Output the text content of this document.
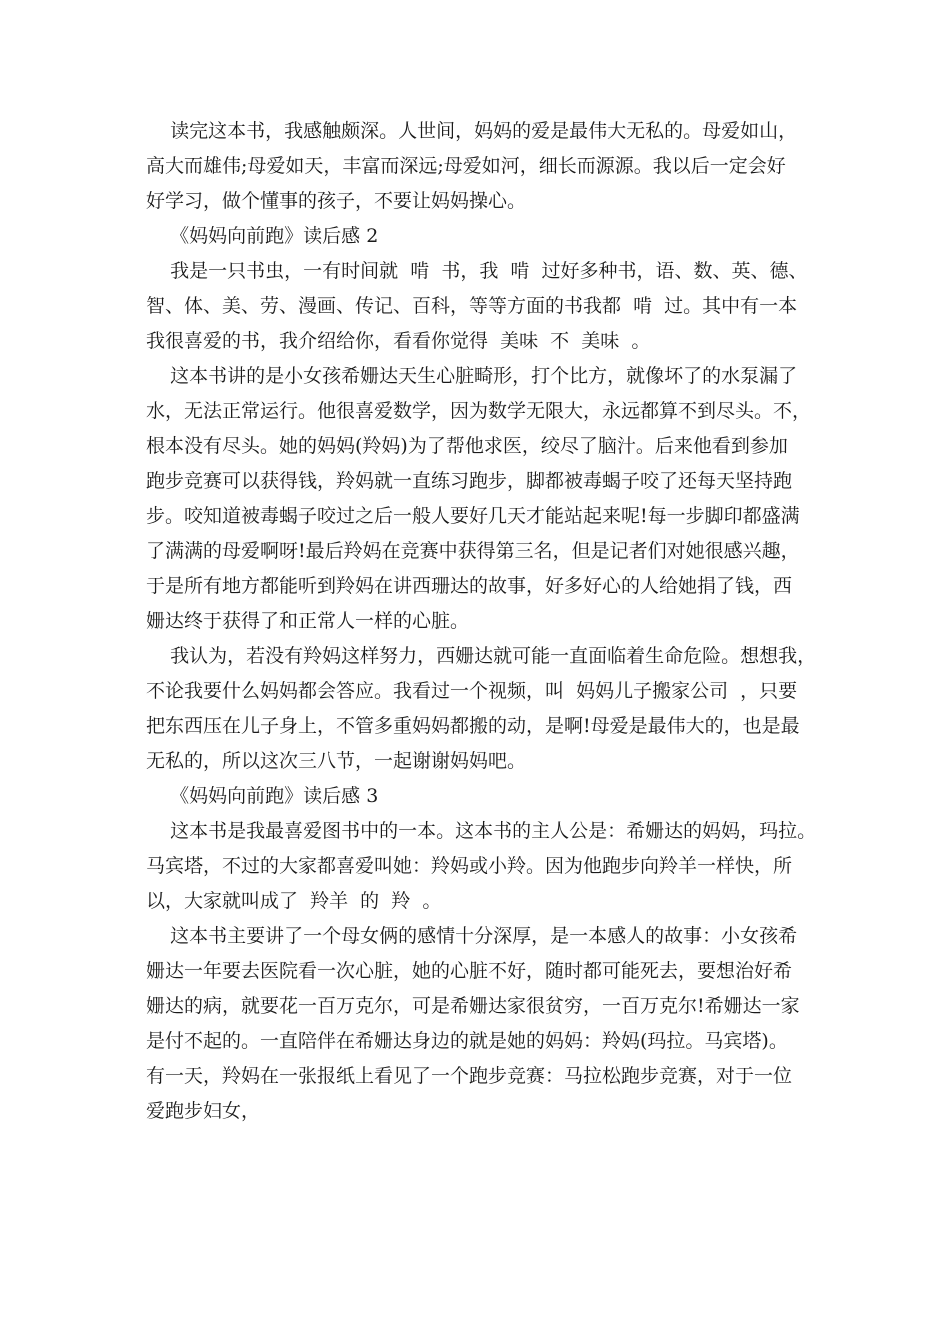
读完这本书，我感触颇深。人世间，妈妈的爱是最伟大无私的。母爱如山，
高大而雄伟;母爱如天，丰富而深远;母爱如河，细长而源源。我以后一定会好
好学习，做个懂事的孩子，不要让妈妈操心。
《妈妈向前跑》读后感 2
我是一只书虫，一有时间就  啃  书，我  啃  过好多种书，语、数、英、德、
智、体、美、劳、漫画、传记、百科，等等方面的书我都  啃  过。其中有一本
我很喜爱的书，我介绍给你，看看你觉得  美味  不  美味  。
这本书讲的是小女孩希姗达天生心脏畸形，打个比方，就像坏了的水泵漏了
水，无法正常运行。他很喜爱数学，因为数学无限大，永远都算不到尽头。不，
根本没有尽头。她的妈妈(羚妈)为了帮他求医，绞尽了脑汁。后来他看到参加
跑步竞赛可以获得钱，羚妈就一直练习跑步，脚都被毒蝎子咬了还每天坚持跑
步。咬知道被毒蝎子咬过之后一般人要好几天才能站起来呢!每一步脚印都盛满
了满满的母爱啊呀!最后羚妈在竞赛中获得第三名，但是记者们对她很感兴趣，
于是所有地方都能听到羚妈在讲西珊达的故事，好多好心的人给她捐了钱，西
姗达终于获得了和正常人一样的心脏。
我认为，若没有羚妈这样努力，西姗达就可能一直面临着生命危险。想想我，
不论我要什么妈妈都会答应。我看过一个视频，叫  妈妈儿子搬家公司  ，只要
把东西压在儿子身上，不管多重妈妈都搬的动，是啊!母爱是最伟大的，也是最
无私的，所以这次三八节，一起谢谢妈妈吧。
《妈妈向前跑》读后感 3
这本书是我最喜爱图书中的一本。这本书的主人公是：希姗达的妈妈，玛拉。
马宾塔，不过的大家都喜爱叫她：羚妈或小羚。因为他跑步向羚羊一样快，所
以，大家就叫成了  羚羊  的  羚  。
这本书主要讲了一个母女俩的感情十分深厚，是一本感人的故事：小女孩希
姗达一年要去医院看一次心脏，她的心脏不好，随时都可能死去，要想治好希
姗达的病，就要花一百万克尔，可是希姗达家很贫穷，一百万克尔!希姗达一家
是付不起的。一直陪伴在希姗达身边的就是她的妈妈：羚妈(玛拉。马宾塔)。
有一天，羚妈在一张报纸上看见了一个跑步竞赛：马拉松跑步竞赛，对于一位
爱跑步妇女，
